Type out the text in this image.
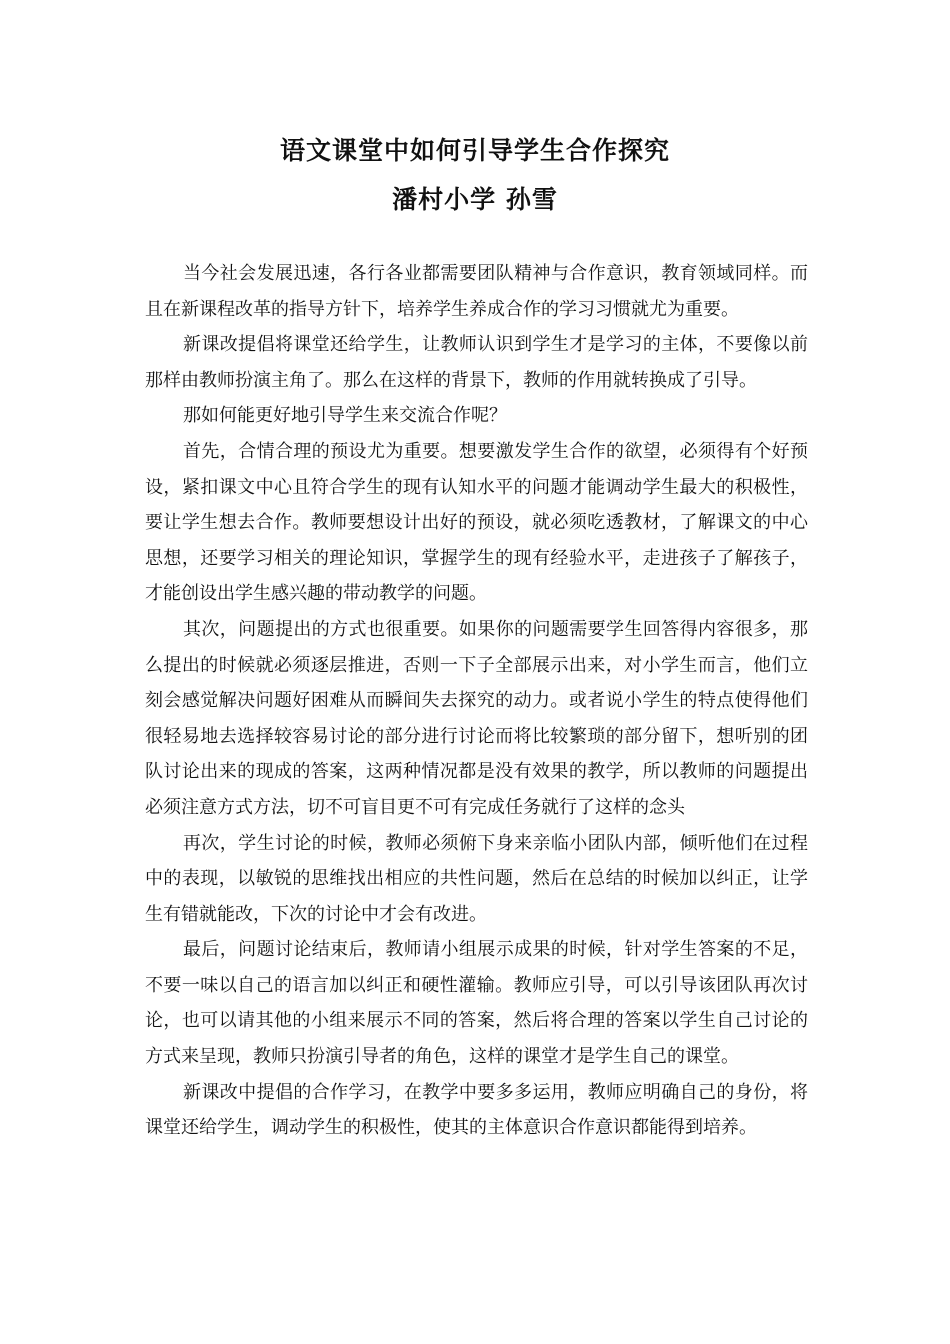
语文课堂中如何引导学生合作探究
潘村小学 孙雪

当今社会发展迅速，各行各业都需要团队精神与合作意识，教育领域同样。而且在新课程改革的指导方针下，培养学生养成合作的学习习惯就尤为重要。

新课改提倡将课堂还给学生，让教师认识到学生才是学习的主体，不要像以前那样由教师扮演主角了。那么在这样的背景下，教师的作用就转换成了引导。

那如何能更好地引导学生来交流合作呢？

首先，合情合理的预设尤为重要。想要激发学生合作的欲望，必须得有个好预设，紧扣课文中心且符合学生的现有认知水平的问题才能调动学生最大的积极性，要让学生想去合作。教师要想设计出好的预设，就必须吃透教材，了解课文的中心思想，还要学习相关的理论知识，掌握学生的现有经验水平，走进孩子了解孩子，才能创设出学生感兴趣的带动教学的问题。

其次，问题提出的方式也很重要。如果你的问题需要学生回答得内容很多，那么提出的时候就必须逐层推进，否则一下子全部展示出来，对小学生而言，他们立刻会感觉解决问题好困难从而瞬间失去探究的动力。或者说小学生的特点使得他们很轻易地去选择较容易讨论的部分进行讨论而将比较繁琐的部分留下，想听别的团队讨论出来的现成的答案，这两种情况都是没有效果的教学，所以教师的问题提出必须注意方式方法，切不可盲目更不可有完成任务就行了这样的念头

再次，学生讨论的时候，教师必须俯下身来亲临小团队内部，倾听他们在过程中的表现，以敏锐的思维找出相应的共性问题，然后在总结的时候加以纠正，让学生有错就能改，下次的讨论中才会有改进。

最后，问题讨论结束后，教师请小组展示成果的时候，针对学生答案的不足，不要一味以自己的语言加以纠正和硬性灌输。教师应引导，可以引导该团队再次讨论，也可以请其他的小组来展示不同的答案，然后将合理的答案以学生自己讨论的方式来呈现，教师只扮演引导者的角色，这样的课堂才是学生自己的课堂。

新课改中提倡的合作学习，在教学中要多多运用，教师应明确自己的身份，将课堂还给学生，调动学生的积极性，使其的主体意识合作意识都能得到培养。
